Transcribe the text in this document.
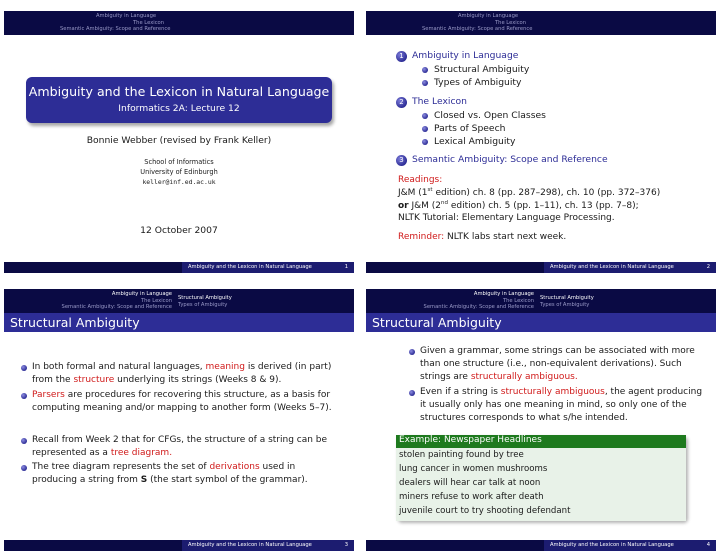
Ambiguity in Language
The Lexicon
Semantic Ambiguity: Scope and Reference
Ambiguity and the Lexicon in Natural Language
Informatics 2A: Lecture 12
Bonnie Webber (revised by Frank Keller)
School of Informatics
University of Edinburgh
keller@inf.ed.ac.uk
12 October 2007
Informatics 2A: Lecture 11
Ambiguity and the Lexicon in Natural Language	1
Ambiguity in Language
The Lexicon
Semantic Ambiguity: Scope and Reference
1 Ambiguity in Language
Structural Ambiguity
Types of Ambiguity
2 The Lexicon
Closed vs. Open Classes
Parts of Speech
Lexical Ambiguity
3 Semantic Ambiguity: Scope and Reference
Readings:
J&M (1st edition) ch. 8 (pp. 287–298), ch. 10 (pp. 372–376)
or J&M (2nd edition) ch. 5 (pp. 1–11), ch. 13 (pp. 7–8);
NLTK Tutorial: Elementary Language Processing.
Reminder: NLTK labs start next week.
Informatics 2A: Lecture 11
Ambiguity and the Lexicon in Natural Language	2
Ambiguity in Language
The Lexicon
Semantic Ambiguity: Scope and Reference
Structural Ambiguity
Types of Ambiguity
Structural Ambiguity
In both formal and natural languages, meaning is derived (in part) from the structure underlying its strings (Weeks 8 & 9).
Parsers are procedures for recovering this structure, as a basis for computing meaning and/or mapping to another form (Weeks 5–7).
Recall from Week 2 that for CFGs, the structure of a string can be represented as a tree diagram.
The tree diagram represents the set of derivations used in producing a string from S (the start symbol of the grammar).
Informatics 2A: Lecture 11
Ambiguity and the Lexicon in Natural Language	3
Ambiguity in Language
The Lexicon
Semantic Ambiguity: Scope and Reference
Structural Ambiguity
Types of Ambiguity
Structural Ambiguity
Given a grammar, some strings can be associated with more than one structure (i.e., non-equivalent derivations). Such strings are structurally ambiguous.
Even if a string is structurally ambiguous, the agent producing it usually only has one meaning in mind, so only one of the structures corresponds to what s/he intended.
Example: Newspaper Headlines
stolen painting found by tree
lung cancer in women mushrooms
dealers will hear car talk at noon
miners refuse to work after death
juvenile court to try shooting defendant
Informatics 2A: Lecture 11
Ambiguity and the Lexicon in Natural Language	4
